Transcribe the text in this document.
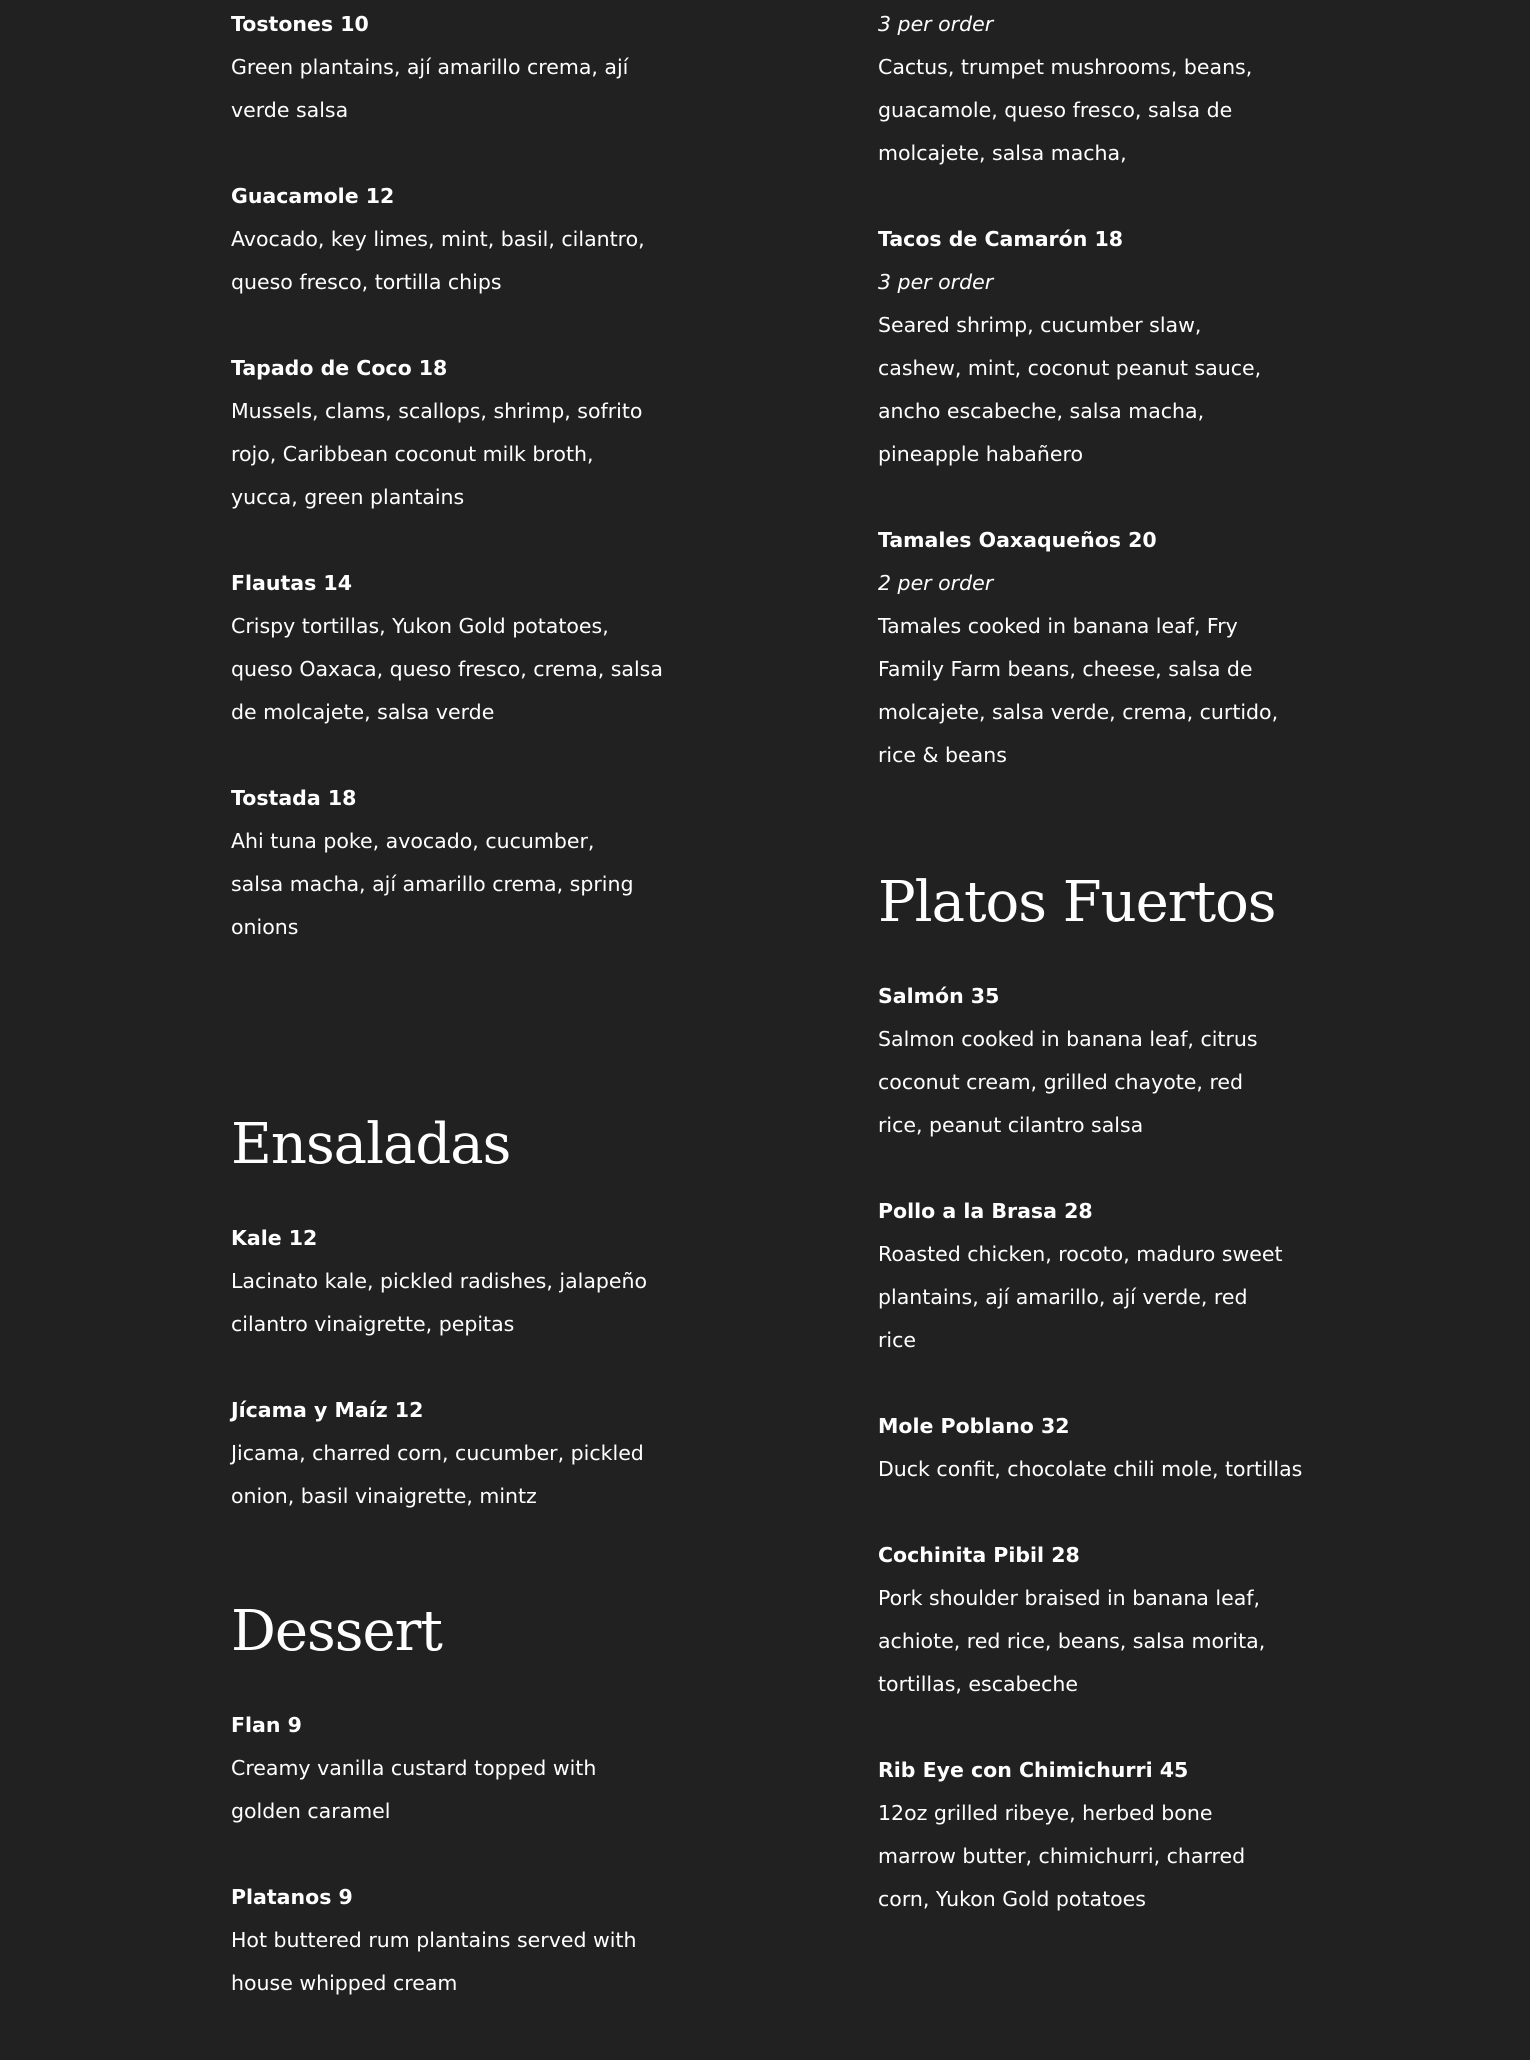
Tostones 10

Green plantains, ají amarillo crema, ají verde salsa

Guacamole 12

Avocado, key limes, mint, basil, cilantro, queso fresco, tortilla chips

Tapado de Coco 18

Mussels, clams, scallops, shrimp, sofrito rojo, Caribbean coconut milk broth, yucca, green plantains

Flautas 14

Crispy tortillas, Yukon Gold potatoes, queso Oaxaca, queso fresco, crema, salsa de molcajete, salsa verde

Tostada 18

Ahi tuna poke, avocado, cucumber, salsa macha, ají amarillo crema, spring onions

Ensaladas

Kale 12

Lacinato kale, pickled radishes, jalapeño cilantro vinaigrette, pepitas

Jícama y Maíz 12

Jicama, charred corn, cucumber, pickled onion, basil vinaigrette, mintz

Dessert

Flan 9

Creamy vanilla custard topped with golden caramel

Platanos 9

Hot buttered rum plantains served with house whipped cream

3 per order

Cactus, trumpet mushrooms, beans, guacamole, queso fresco, salsa de molcajete, salsa macha,

Tacos de Camarón 18

3 per order

Seared shrimp, cucumber slaw, cashew, mint, coconut peanut sauce, ancho escabeche, salsa macha, pineapple habañero

Tamales Oaxaqueños 20

2 per order

Tamales cooked in banana leaf, Fry Family Farm beans, cheese, salsa de molcajete, salsa verde, crema, curtido, rice & beans

Platos Fuertos

Salmón 35

Salmon cooked in banana leaf, citrus coconut cream, grilled chayote, red rice, peanut cilantro salsa

Pollo a la Brasa 28

Roasted chicken, rocoto, maduro sweet plantains, ají amarillo, ají verde, red rice

Mole Poblano 32

Duck confit, chocolate chili mole, tortillas

Cochinita Pibil 28

Pork shoulder braised in banana leaf, achiote, red rice, beans, salsa morita, tortillas, escabeche

Rib Eye con Chimichurri 45

12oz grilled ribeye, herbed bone marrow butter, chimichurri, charred corn, Yukon Gold potatoes
